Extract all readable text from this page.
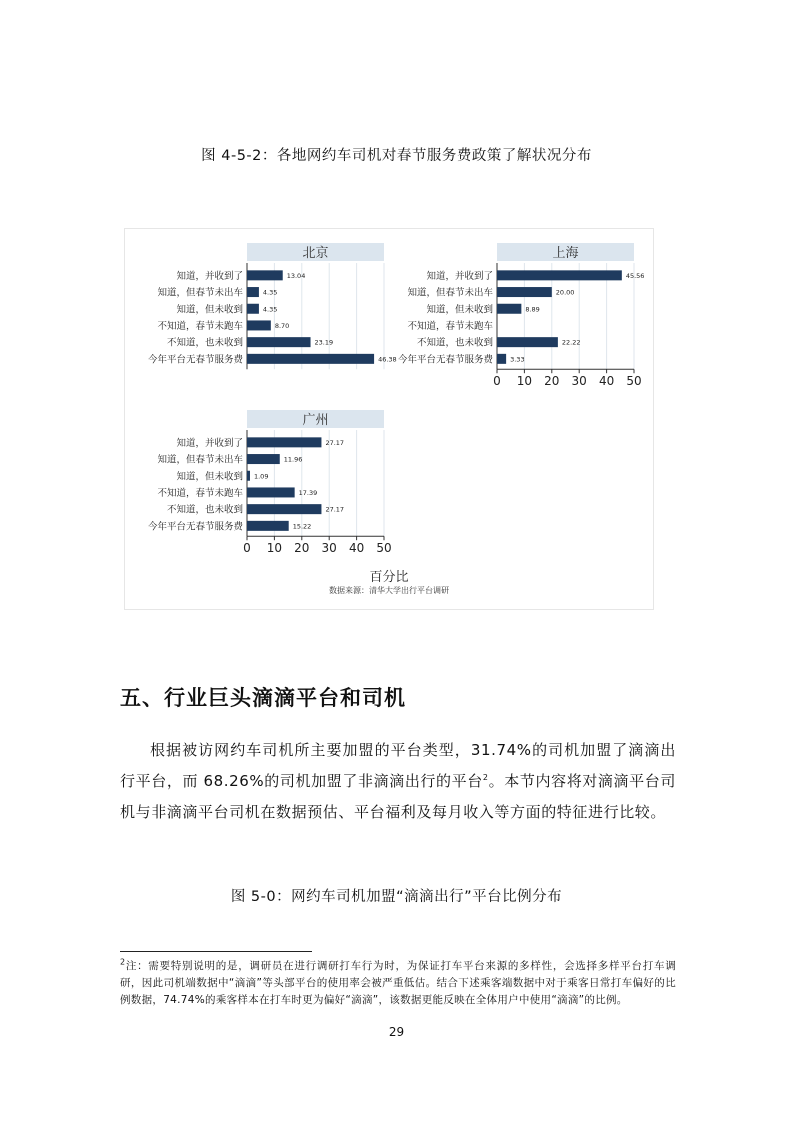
图 4-5-2：各地网约车司机对春节服务费政策了解状况分布
北京
知道，并收到了	13.04
知道，但春节未出车	4.35
知道，但未收到	4.35
不知道，春节未跑车	8.70
不知道，也未收到	23.19
今年平台无春节服务费	46.38
上海
知道，并收到了	45.56
知道，但春节未出车	20.00
知道，但未收到	8.89
不知道，春节未跑车
不知道，也未收到	22.22
今年平台无春节服务费	3.33
0 10 20 30 40 50
广州
知道，并收到了	27.17
知道，但春节未出车	11.96
知道，但未收到 1.09
不知道，春节未跑车	17.39
不知道，也未收到	27.17
今年平台无春节服务费	15.22
0 10 20 30 40 50
百分比
数据来源：清华大学出行平台调研
五、行业巨头滴滴平台和司机
根据被访网约车司机所主要加盟的平台类型，31.74%的司机加盟了滴滴出行平台，而 68.26%的司机加盟了非滴滴出行的平台$^2$。本节内容将对滴滴平台司机与非滴滴平台司机在数据预估、平台福利及每月收入等方面的特征进行比较。
图 5-0：网约车司机加盟“滴滴出行”平台比例分布
$^2$注：需要特别说明的是，调研员在进行调研打车行为时，为保证打车平台来源的多样性，会选择多样平台打车调研，因此司机端数据中“滴滴”等头部平台的使用率会被严重低估。结合下述乘客端数据中对于乘客日常打车偏好的比例数据，74.74%的乘客样本在打车时更为偏好“滴滴”，该数据更能反映在全体用户中使用“滴滴”的比例。
29
